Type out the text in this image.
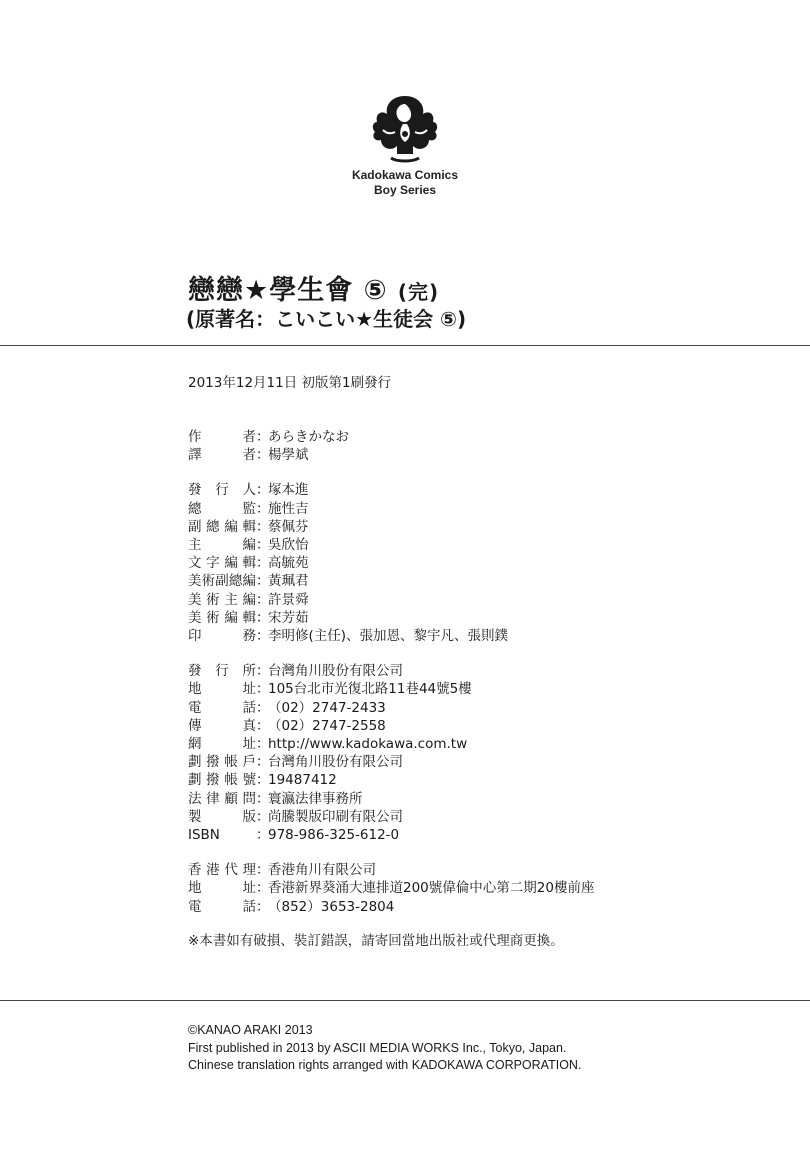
Kadokawa Comics
Boy Series
戀戀★學生會 ⑤ (完)
(原著名：こいこい★生徒会 ⑤)
2013年12月11日 初版第1刷發行
作者 ：
あらきかなお
譯者 ：
楊學斌
發行人 ：
塚本進
總監 ：
施性吉
副總編輯 ：
蔡佩芬
主編 ：
吳欣怡
文字編輯 ：
高毓苑
美術副總編 ：
黃珮君
美術主編 ：
許景舜
美術編輯 ：
宋芳茹
印務 ：
李明修(主任)、張加恩、黎宇凡、張則鏷
發行所 ：
台灣角川股份有限公司
地址 ：
105台北市光復北路11巷44號5樓
電話 ：
（02）2747-2433
傳真 ：
（02）2747-2558
網址 ：
http://www.kadokawa.com.tw
劃撥帳戶 ：
台灣角川股份有限公司
劃撥帳號 ：
19487412
法律顧問 ：
寰瀛法律事務所
製版 ：
尚騰製版印刷有限公司
ISBN	：
978-986-325-612-0
香港代理 ：
香港角川有限公司
地址 ：
香港新界葵涌大連排道200號偉倫中心第二期20樓前座
電話 ：
（852）3653-2804
※本書如有破損、裝訂錯誤，請寄回當地出版社或代理商更換。
©KANAO ARAKI 2013
First published in 2013 by ASCII MEDIA WORKS Inc., Tokyo, Japan.
Chinese translation rights arranged with KADOKAWA CORPORATION.
